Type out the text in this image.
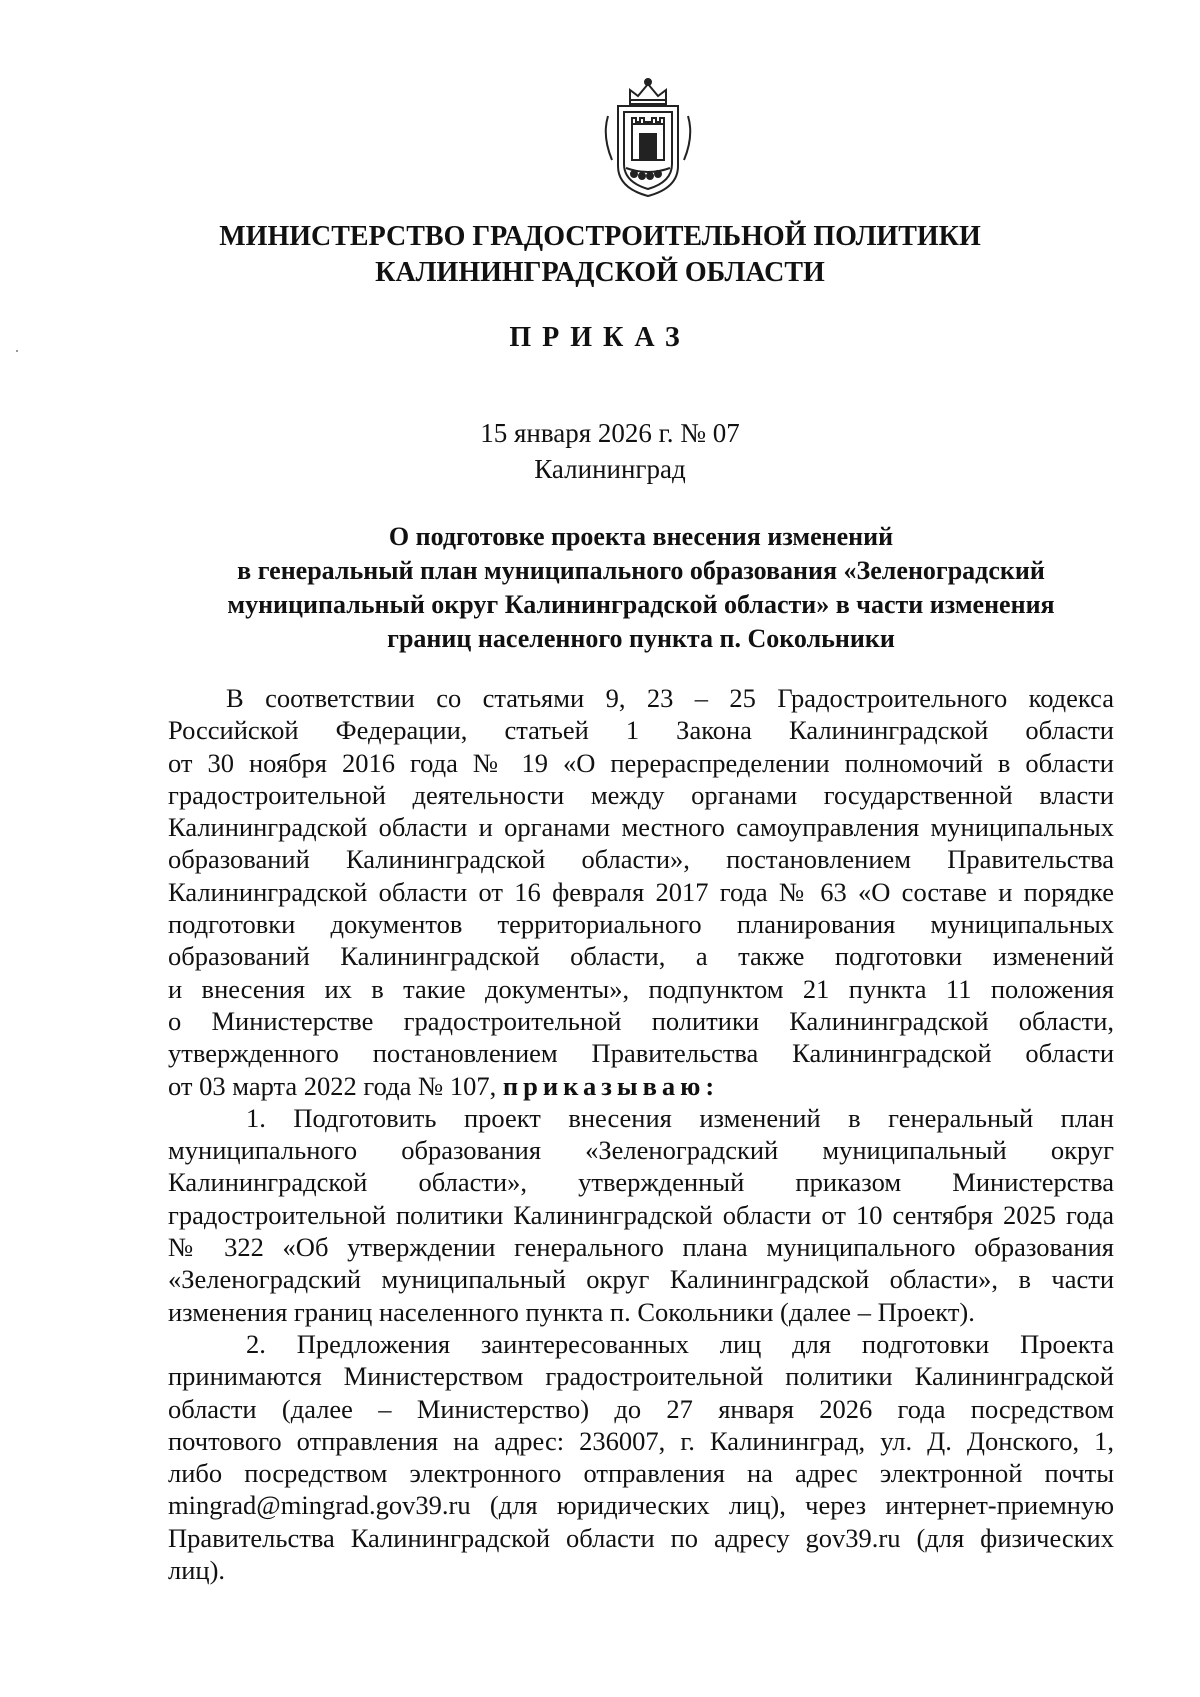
МИНИСТЕРСТВО ГРАДОСТРОИТЕЛЬНОЙ ПОЛИТИКИ
КАЛИНИНГРАДСКОЙ ОБЛАСТИ
ПРИКАЗ
15 января 2026 г. № 07
Калининград
О подготовке проекта внесения изменений
в генеральный план муниципального образования «Зеленоградский
муниципальный округ Калининградской области» в части изменения
границ населенного пункта п. Сокольники
В соответствии со статьями 9, 23 – 25 Градостроительного кодекса
Российской Федерации, статьей 1 Закона Калининградской области
от 30 ноября 2016 года № 19 «О перераспределении полномочий в области
градостроительной деятельности между органами государственной власти
Калининградской области и органами местного самоуправления муниципальных
образований Калининградской области», постановлением Правительства
Калининградской области от 16 февраля 2017 года № 63 «О составе и порядке
подготовки документов территориального планирования муниципальных
образований Калининградской области, а также подготовки изменений
и внесения их в такие документы», подпунктом 21 пункта 11 положения
о Министерстве градостроительной политики Калининградской области,
утвержденного постановлением Правительства Калининградской области
от 03 марта 2022 года № 107, приказываю:
1. Подготовить проект внесения изменений в генеральный план
муниципального образования «Зеленоградский муниципальный округ
Калининградской области», утвержденный приказом Министерства
градостроительной политики Калининградской области от 10 сентября 2025 года
№ 322 «Об утверждении генерального плана муниципального образования
«Зеленоградский муниципальный округ Калининградской области», в части
изменения границ населенного пункта п. Сокольники (далее – Проект).
2. Предложения заинтересованных лиц для подготовки Проекта
принимаются Министерством градостроительной политики Калининградской
области (далее – Министерство) до 27 января 2026 года посредством
почтового отправления на адрес: 236007, г. Калининград, ул. Д. Донского, 1,
либо посредством электронного отправления на адрес электронной почты
mingrad@mingrad.gov39.ru (для юридических лиц), через интернет-приемную
Правительства Калининградской области по адресу gov39.ru (для физических
лиц).
